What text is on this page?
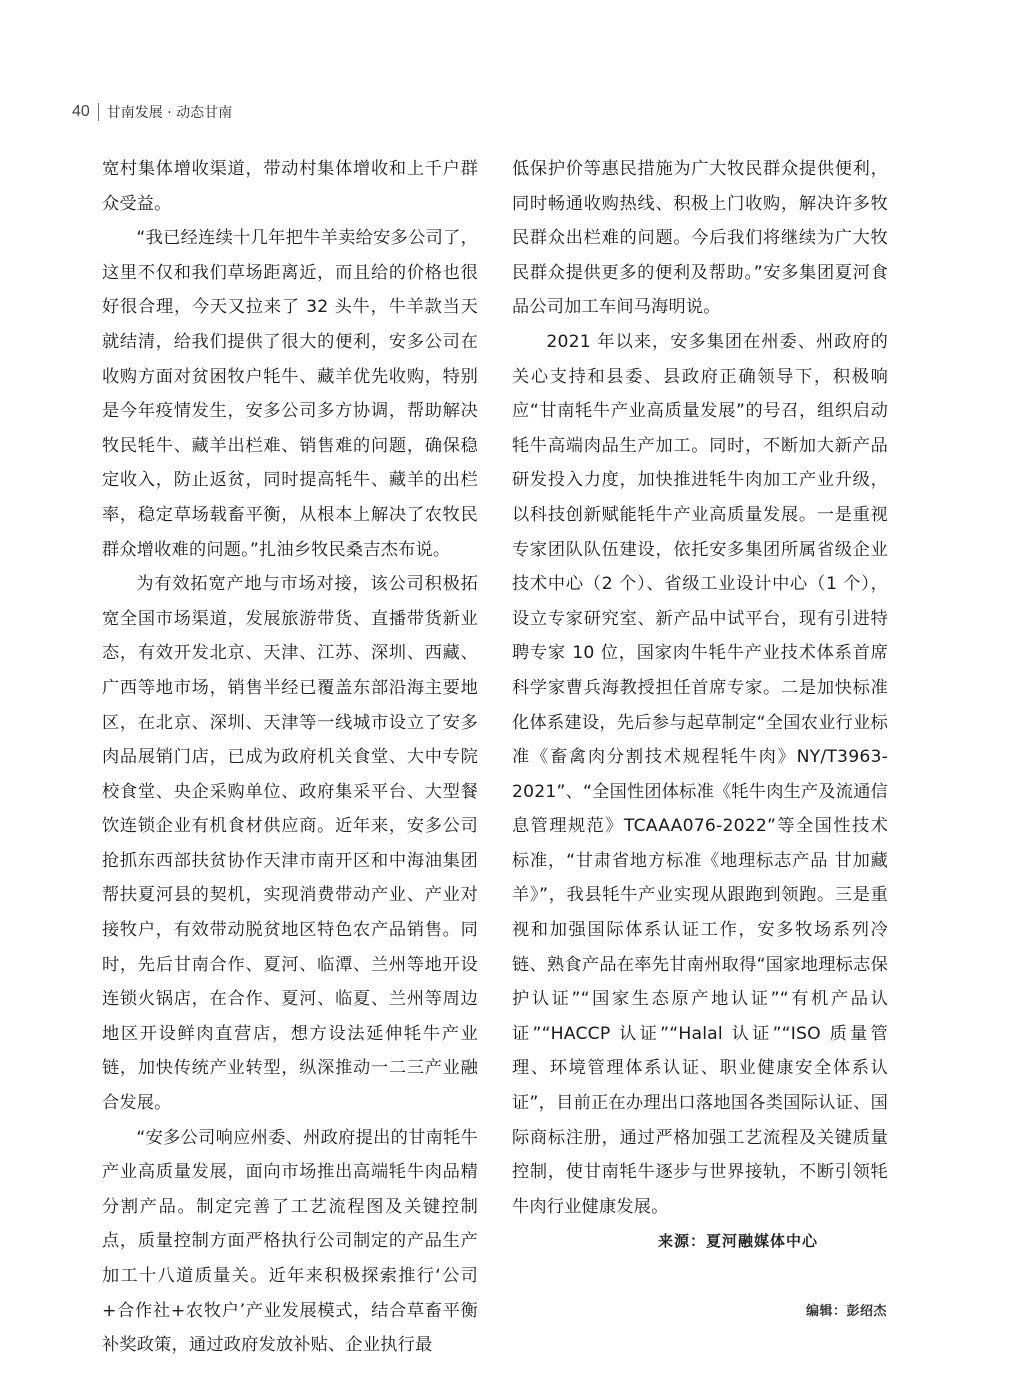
40 甘南发展 · 动态甘南

宽村集体增收渠道，带动村集体增收和上千户群众受益。

“我已经连续十几年把牛羊卖给安多公司了，这里不仅和我们草场距离近，而且给的价格也很好很合理，今天又拉来了 32 头牛，牛羊款当天就结清，给我们提供了很大的便利，安多公司在收购方面对贫困牧户牦牛、藏羊优先收购，特别是今年疫情发生，安多公司多方协调，帮助解决牧民牦牛、藏羊出栏难、销售难的问题，确保稳定收入，防止返贫，同时提高牦牛、藏羊的出栏率，稳定草场载畜平衡，从根本上解决了农牧民群众增收难的问题。”扎油乡牧民桑吉杰布说。

为有效拓宽产地与市场对接，该公司积极拓宽全国市场渠道，发展旅游带货、直播带货新业态，有效开发北京、天津、江苏、深圳、西藏、广西等地市场，销售半经已覆盖东部沿海主要地区，在北京、深圳、天津等一线城市设立了安多肉品展销门店，已成为政府机关食堂、大中专院校食堂、央企采购单位、政府集采平台、大型餐饮连锁企业有机食材供应商。近年来，安多公司抢抓东西部扶贫协作天津市南开区和中海油集团帮扶夏河县的契机，实现消费带动产业、产业对接牧户，有效带动脱贫地区特色农产品销售。同时，先后甘南合作、夏河、临潭、兰州等地开设连锁火锅店，在合作、夏河、临夏、兰州等周边地区开设鲜肉直营店，想方设法延伸牦牛产业链，加快传统产业转型，纵深推动一二三产业融合发展。

“安多公司响应州委、州政府提出的甘南牦牛产业高质量发展，面向市场推出高端牦牛肉品精分割产品。制定完善了工艺流程图及关键控制点，质量控制方面严格执行公司制定的产品生产加工十八道质量关。近年来积极探索推行‘公司+合作社+农牧户’产业发展模式，结合草畜平衡补奖政策，通过政府发放补贴、企业执行最

低保护价等惠民措施为广大牧民群众提供便利，同时畅通收购热线、积极上门收购，解决许多牧民群众出栏难的问题。今后我们将继续为广大牧民群众提供更多的便利及帮助。”安多集团夏河食品公司加工车间马海明说。

2021 年以来，安多集团在州委、州政府的关心支持和县委、县政府正确领导下，积极响应“甘南牦牛产业高质量发展”的号召，组织启动牦牛高端肉品生产加工。同时，不断加大新产品研发投入力度，加快推进牦牛肉加工产业升级，以科技创新赋能牦牛产业高质量发展。一是重视专家团队队伍建设，依托安多集团所属省级企业技术中心（2 个）、省级工业设计中心（1 个），设立专家研究室、新产品中试平台，现有引进特聘专家 10 位，国家肉牛牦牛产业技术体系首席科学家曹兵海教授担任首席专家。二是加快标准化体系建设，先后参与起草制定“全国农业行业标准《畜禽肉分割技术规程牦牛肉》NY/T3963-2021”、“全国性团体标准《牦牛肉生产及流通信息管理规范》TCAAA076-2022”等全国性技术标准，“甘肃省地方标准《地理标志产品 甘加藏羊》”，我县牦牛产业实现从跟跑到领跑。三是重视和加强国际体系认证工作，安多牧场系列冷链、熟食产品在率先甘南州取得“国家地理标志保护认证”“国家生态原产地认证”“有机产品认证”“HACCP 认证”“Halal 认证”“ISO 质量管理、环境管理体系认证、职业健康安全体系认证”，目前正在办理出口落地国各类国际认证、国际商标注册，通过严格加强工艺流程及关键质量控制，使甘南牦牛逐步与世界接轨，不断引领牦牛肉行业健康发展。

来源：夏河融媒体中心
编辑：彭绍杰
